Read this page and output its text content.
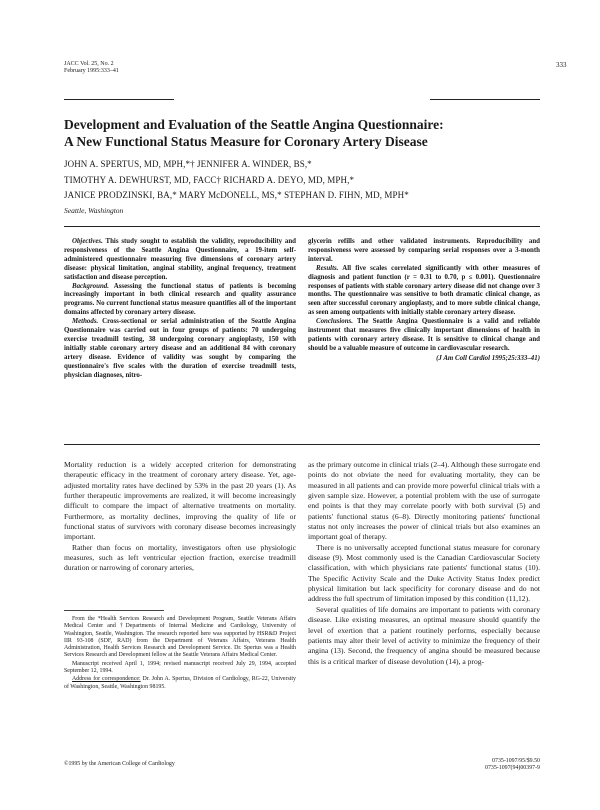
JACC Vol. 25, No. 2
February 1995:333–41
333
Development and Evaluation of the Seattle Angina Questionnaire:
A New Functional Status Measure for Coronary Artery Disease
JOHN A. SPERTUS, MD, MPH,*† JENNIFER A. WINDER, BS,*
TIMOTHY A. DEWHURST, MD, FACC† RICHARD A. DEYO, MD, MPH,*
JANICE PRODZINSKI, BA,* MARY McDONELL, MS,* STEPHAN D. FIHN, MD, MPH*
Seattle, Washington

Objectives. This study sought to establish the validity, reproducibility and responsiveness of the Seattle Angina Questionnaire, a 19-item self-administered questionnaire measuring five dimensions of coronary artery disease: physical limitation, anginal stability, anginal frequency, treatment satisfaction and disease perception.

Background. Assessing the functional status of patients is becoming increasingly important in both clinical research and quality assurance programs. No current functional status measure quantifies all of the important domains affected by coronary artery disease.

Methods. Cross-sectional or serial administration of the Seattle Angina Questionnaire was carried out in four groups of patients: 70 undergoing exercise treadmill testing, 38 undergoing coronary angioplasty, 150 with initially stable coronary artery disease and an additional 84 with coronary artery disease. Evidence of validity was sought by comparing the questionnaire's five scales with the duration of exercise treadmill tests, physician diagnoses, nitro-

glycerin refills and other validated instruments. Reproducibility and responsiveness were assessed by comparing serial responses over a 3-month interval.

Results. All five scales correlated significantly with other measures of diagnosis and patient function (r = 0.31 to 0.70, p ≤ 0.001). Questionnaire responses of patients with stable coronary artery disease did not change over 3 months. The questionnaire was sensitive to both dramatic clinical change, as seen after successful coronary angioplasty, and to more subtle clinical change, as seen among outpatients with initially stable coronary artery disease.

Conclusions. The Seattle Angina Questionnaire is a valid and reliable instrument that measures five clinically important dimensions of health in patients with coronary artery disease. It is sensitive to clinical change and should be a valuable measure of outcome in cardiovascular research.

(J Am Coll Cardiol 1995;25:333–41)

Mortality reduction is a widely accepted criterion for demonstrating therapeutic efficacy in the treatment of coronary artery disease. Yet, age-adjusted mortality rates have declined by 53% in the past 20 years (1). As further therapeutic improvements are realized, it will become increasingly difficult to compare the impact of alternative treatments on mortality. Furthermore, as mortality declines, improving the quality of life or functional status of survivors with coronary disease becomes increasingly important.

Rather than focus on mortality, investigators often use physiologic measures, such as left ventricular ejection fraction, exercise treadmill duration or narrowing of coronary arteries,

as the primary outcome in clinical trials (2–4). Although these surrogate end points do not obviate the need for evaluating mortality, they can be measured in all patients and can provide more powerful clinical trials with a given sample size. However, a potential problem with the use of surrogate end points is that they may correlate poorly with both survival (5) and patients' functional status (6–8). Directly monitoring patients' functional status not only increases the power of clinical trials but also examines an important goal of therapy.

There is no universally accepted functional status measure for coronary disease (9). Most commonly used is the Canadian Cardiovascular Society classification, with which physicians rate patients' functional status (10). The Specific Activity Scale and the Duke Activity Status Index predict physical limitation but lack specificity for coronary disease and do not address the full spectrum of limitation imposed by this condition (11,12).

Several qualities of life domains are important to patients with coronary disease. Like existing measures, an optimal measure should quantify the level of exertion that a patient routinely performs, especially because patients may alter their level of activity to minimize the frequency of their angina (13). Second, the frequency of angina should be measured because this is a critical marker of disease devolution (14), a prog-

From the *Health Services Research and Development Program, Seattle Veterans Affairs Medical Center and †Departments of Internal Medicine and Cardiology, University of Washington, Seattle, Washington. The research reported here was supported by HSR&D Project IIR 93-108 (SDF, RAD) from the Department of Veterans Affairs, Veterans Health Administration, Health Services Research and Development Service. Dr. Spertus was a Health Services Research and Development fellow at the Seattle Veterans Affairs Medical Center.

Manuscript received April 1, 1994; revised manuscript received July 29, 1994, accepted September 12, 1994.

Address for correspondence: Dr. John A. Spertus, Division of Cardiology, RG-22, University of Washington, Seattle, Washington 98195.

©1995 by the American College of Cardiology	0735-1097/95/$9.50
0735-1097(94)00397-9
